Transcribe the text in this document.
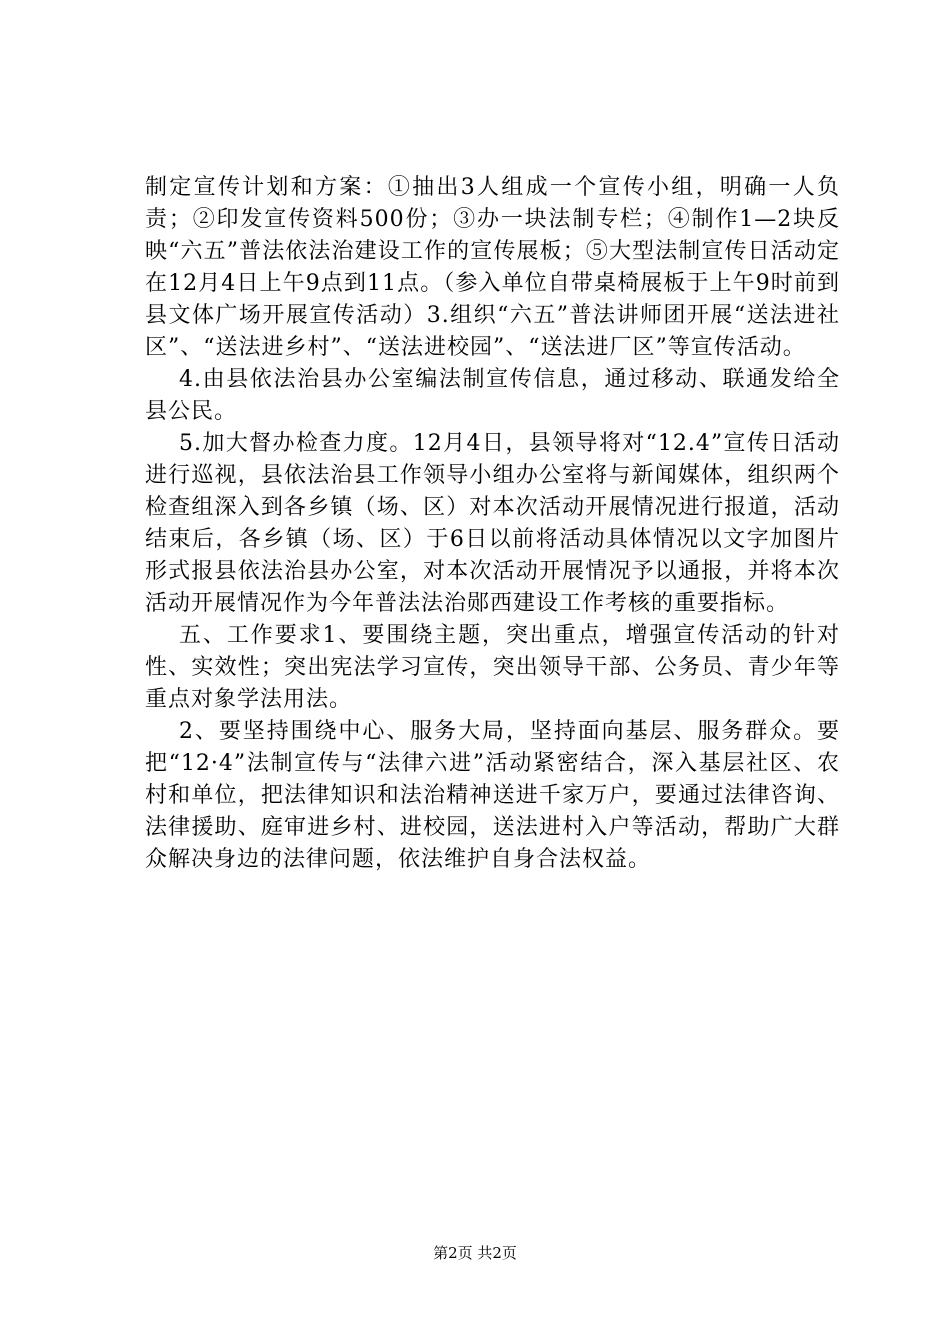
制定宣传计划和方案：①抽出3人组成一个宣传小组，明确一人负责；②印发宣传资料500份；③办一块法制专栏；④制作1—2块反映“六五”普法依法治建设工作的宣传展板；⑤大型法制宣传日活动定在12月4日上午9点到11点。（参入单位自带桌椅展板于上午9时前到县文体广场开展宣传活动）3.组织“六五”普法讲师团开展“送法进社区”、“送法进乡村”、“送法进校园”、“送法进厂区”等宣传活动。

4.由县依法治县办公室编法制宣传信息，通过移动、联通发给全县公民。

5.加大督办检查力度。12月4日，县领导将对“12.4”宣传日活动进行巡视，县依法治县工作领导小组办公室将与新闻媒体，组织两个检查组深入到各乡镇（场、区）对本次活动开展情况进行报道，活动结束后，各乡镇（场、区）于6日以前将活动具体情况以文字加图片形式报县依法治县办公室，对本次活动开展情况予以通报，并将本次活动开展情况作为今年普法法治郧西建设工作考核的重要指标。

五、工作要求1、要围绕主题，突出重点，增强宣传活动的针对性、实效性；突出宪法学习宣传，突出领导干部、公务员、青少年等重点对象学法用法。

2、要坚持围绕中心、服务大局，坚持面向基层、服务群众。要把“12·4”法制宣传与“法律六进”活动紧密结合，深入基层社区、农村和单位，把法律知识和法治精神送进千家万户，要通过法律咨询、法律援助、庭审进乡村、进校园，送法进村入户等活动，帮助广大群众解决身边的法律问题，依法维护自身合法权益。

第2页 共2页
